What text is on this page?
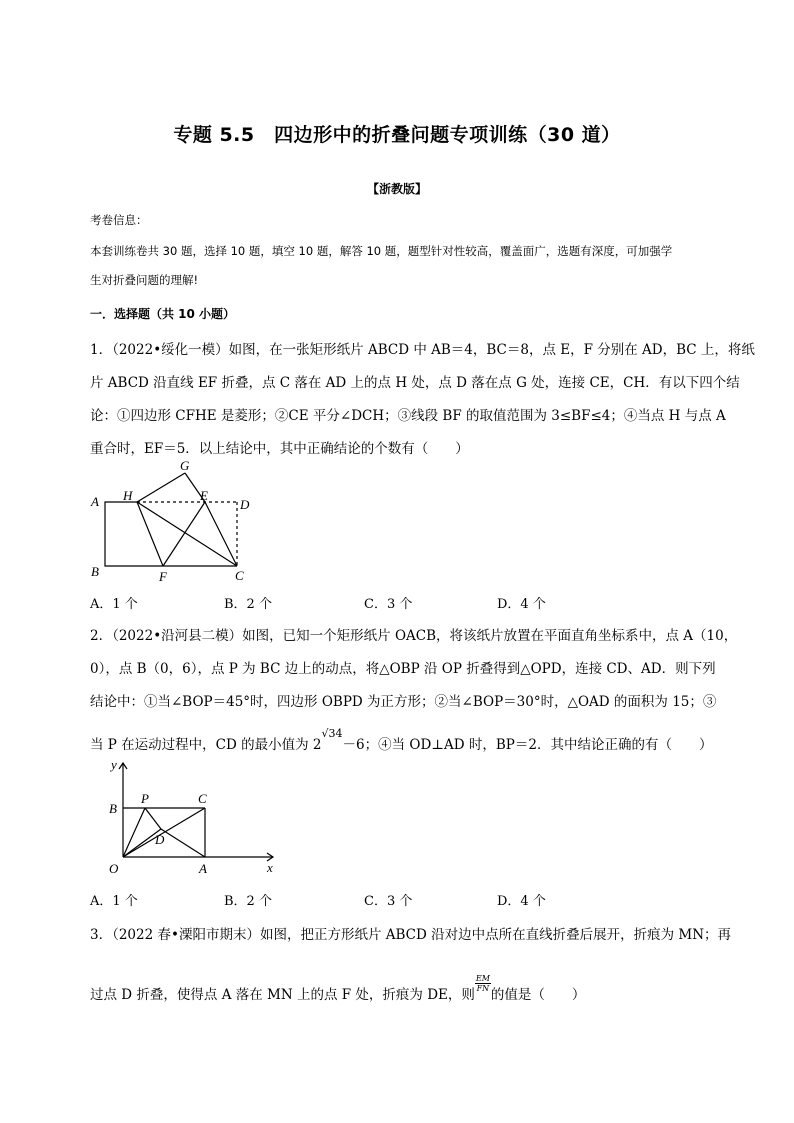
专题 5.5　四边形中的折叠问题专项训练（30 道）
【浙教版】
考卷信息：
本套训练卷共 30 题，选择 10 题，填空 10 题，解答 10 题，题型针对性较高，覆盖面广，选题有深度，可加强学
生对折叠问题的理解!
一．选择题（共 10 小题）
1．（2022•绥化一模）如图，在一张矩形纸片 ABCD 中 AB＝4，BC＝8，点 E，F 分别在 AD，BC 上，将纸
片 ABCD 沿直线 EF 折叠，点 C 落在 AD 上的点 H 处，点 D 落在点 G 处，连接 CE，CH．有以下四个结
论：①四边形 CFHE 是菱形；②CE 平分∠DCH；③线段 BF 的取值范围为 3≤BF≤4；④当点 H 与点 A
重合时，EF＝5．以上结论中，其中正确结论的个数有（　　）
A
B	C
D
E
F
G
H
A．1 个	B．2 个	C．3 个	D．4 个
2．（2022•沿河县二模）如图，已知一个矩形纸片 OACB，将该纸片放置在平面直角坐标系中，点 A（10，
0），点 B（0，6），点 P 为 BC 边上的动点，将△OBP 沿 OP 折叠得到△OPD，连接 CD、AD．则下列
结论中：①当∠BOP＝45°时，四边形 OBPD 为正方形；②当∠BOP＝30°时，△OAD 的面积为 15；③
当 P 在运动过程中，CD 的最小值为 $2^{√34}-6$；④当 OD⊥AD 时，BP＝2．其中结论正确的有（　　）
y
x
O	A
B
C
P
D
A．1 个	B．2 个	C．3 个	D．4 个
3．（2022 春•溧阳市期末）如图，把正方形纸片 ABCD 沿对边中点所在直线折叠后展开，折痕为 MN；再
过点 D 折叠，使得点 A 落在 MN 上的点 F 处，折痕为 DE，则
$\frac{EM}{FN}$
的值是（　　）
